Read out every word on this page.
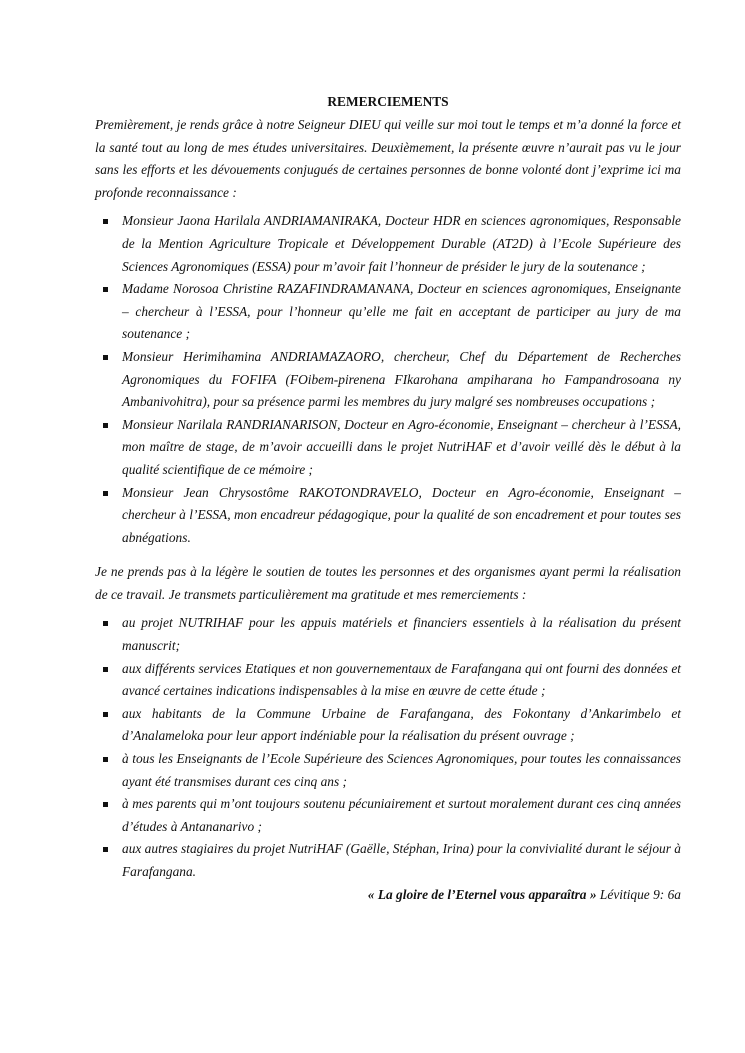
REMERCIEMENTS

Premièrement, je rends grâce à notre Seigneur DIEU qui veille sur moi tout le temps et m’a donné la force et la santé tout au long de mes études universitaires. Deuxièmement, la présente œuvre n’aurait pas vu le jour sans les efforts et les dévouements conjugués de certaines personnes de bonne volonté dont j’exprime ici ma profonde reconnaissance :

Monsieur Jaona Harilala ANDRIAMANIRAKA, Docteur HDR en sciences agronomiques, Responsable de la Mention Agriculture Tropicale et Développement Durable (AT2D) à l’Ecole Supérieure des Sciences Agronomiques (ESSA) pour m’avoir fait l’honneur de présider le jury de la soutenance ;
Madame Norosoa Christine RAZAFINDRAMANANA, Docteur en sciences agronomiques, Enseignante – chercheur à l’ESSA, pour l’honneur qu’elle me fait en acceptant de participer au jury de ma soutenance ;
Monsieur Herimihamina ANDRIAMAZAORO, chercheur, Chef du Département de Recherches Agronomiques du FOFIFA (FOibem-pirenena FIkarohana ampiharana ho Fampandrosoana ny Ambanivohitra), pour sa présence parmi les membres du jury malgré ses nombreuses occupations ;
Monsieur Narilala RANDRIANARISON, Docteur en Agro-économie, Enseignant – chercheur à l’ESSA, mon maître de stage, de m’avoir accueilli dans le projet NutriHAF et d’avoir veillé dès le début à la qualité scientifique de ce mémoire ;
Monsieur Jean Chrysostôme RAKOTONDRAVELO, Docteur en Agro-économie, Enseignant – chercheur à l’ESSA, mon encadreur pédagogique, pour la qualité de son encadrement et pour toutes ses abnégations.

Je ne prends pas à la légère le soutien de toutes les personnes et des organismes ayant permi la réalisation de ce travail. Je transmets particulièrement ma gratitude et mes remerciements :

au projet NUTRIHAF pour les appuis matériels et financiers essentiels à la réalisation du présent manuscrit;
aux différents services Etatiques et non gouvernementaux de Farafangana qui ont fourni des données et avancé certaines indications indispensables à la mise en œuvre de cette étude ;
aux habitants de la Commune Urbaine de Farafangana, des Fokontany d’Ankarimbelo et d’Analameloka pour leur apport indéniable pour la réalisation du présent ouvrage ;
à tous les Enseignants de l’Ecole Supérieure des Sciences Agronomiques, pour toutes les connaissances ayant été transmises durant ces cinq ans ;
à mes parents qui m’ont toujours soutenu pécuniairement et surtout moralement durant ces cinq années d’études à Antananarivo ;
aux autres stagiaires du projet NutriHAF (Gaëlle, Stéphan, Irina) pour la convivialité durant le séjour à Farafangana.

« La gloire de l’Eternel vous apparaîtra » Lévitique 9: 6a
